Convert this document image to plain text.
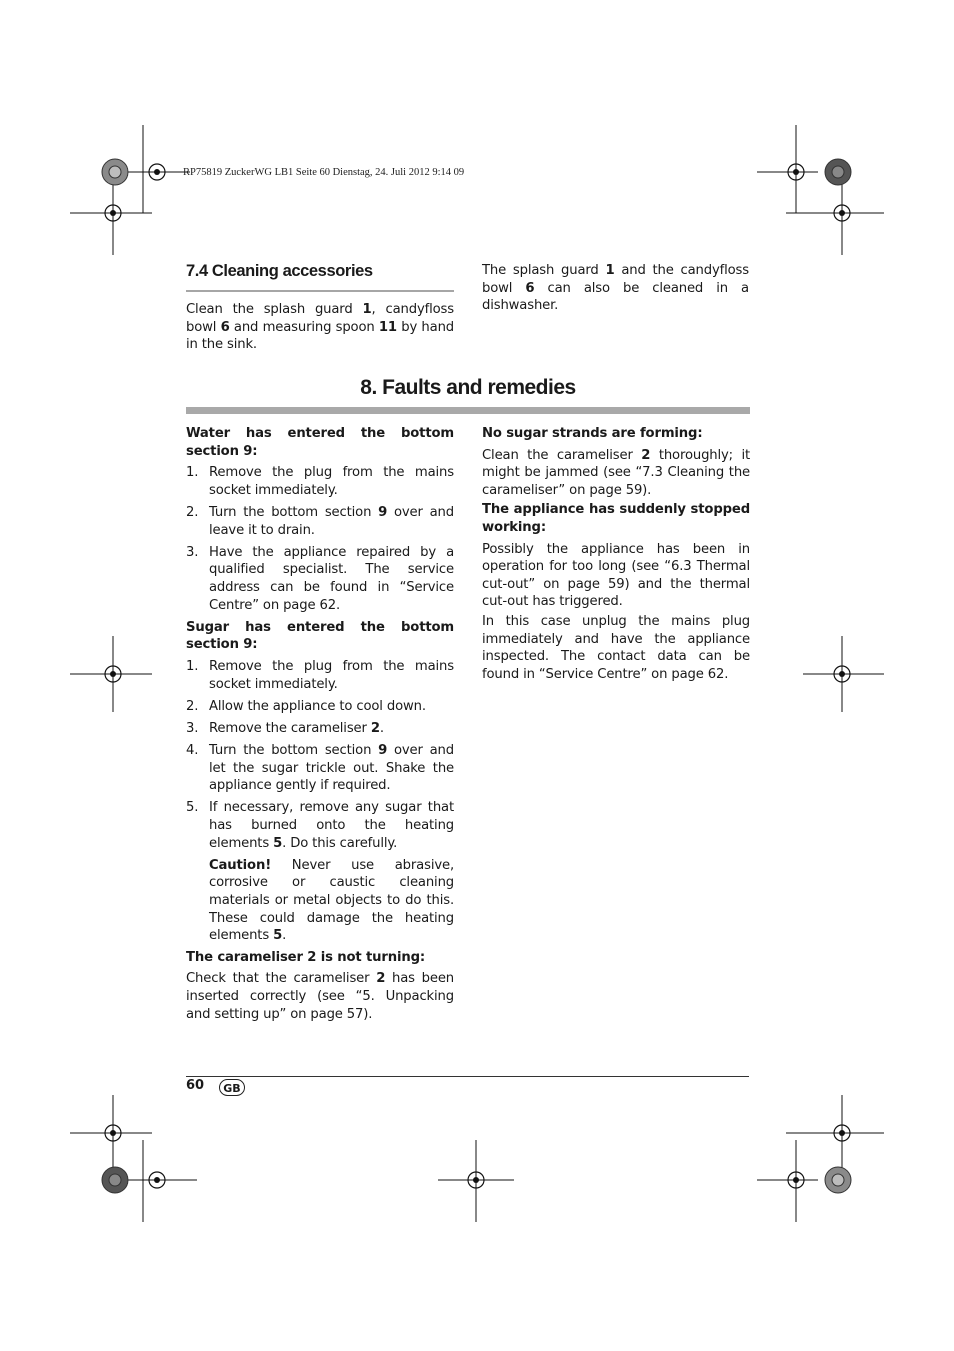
RP75819 ZuckerWG LB1 Seite 60 Dienstag, 24. Juli 2012 9:14 09
7.4 Cleaning accessories
Clean the splash guard 1, candyfloss bowl 6 and measuring spoon 11 by hand in the sink.
The splash guard 1 and the candyfloss bowl 6 can also be cleaned in a dishwasher.
8. Faults and remedies
Water has entered the bottom section 9:
1. Remove the plug from the mains socket immediately.
2. Turn the bottom section 9 over and leave it to drain.
3. Have the appliance repaired by a qualified specialist. The service address can be found in “Service Centre” on page 62.
Sugar has entered the bottom section 9:
1. Remove the plug from the mains socket immediately.
2. Allow the appliance to cool down.
3. Remove the carameliser 2.
4. Turn the bottom section 9 over and let the sugar trickle out. Shake the appliance gently if required.
5. If necessary, remove any sugar that has burned onto the heating elements 5. Do this carefully.
Caution! Never use abrasive, corrosive or caustic cleaning materials or metal objects to do this. These could damage the heating elements 5.
The carameliser 2 is not turning:
Check that the carameliser 2 has been inserted correctly (see “5. Unpacking and setting up” on page 57).
No sugar strands are forming:
Clean the carameliser 2 thoroughly; it might be jammed (see “7.3 Cleaning the carameliser” on page 59).
The appliance has suddenly stopped working:
Possibly the appliance has been in operation for too long (see “6.3 Thermal cut-out” on page 59) and the thermal cut-out has triggered.
In this case unplug the mains plug immediately and have the appliance inspected. The contact data can be found in “Service Centre” on page 62.
60	GB
